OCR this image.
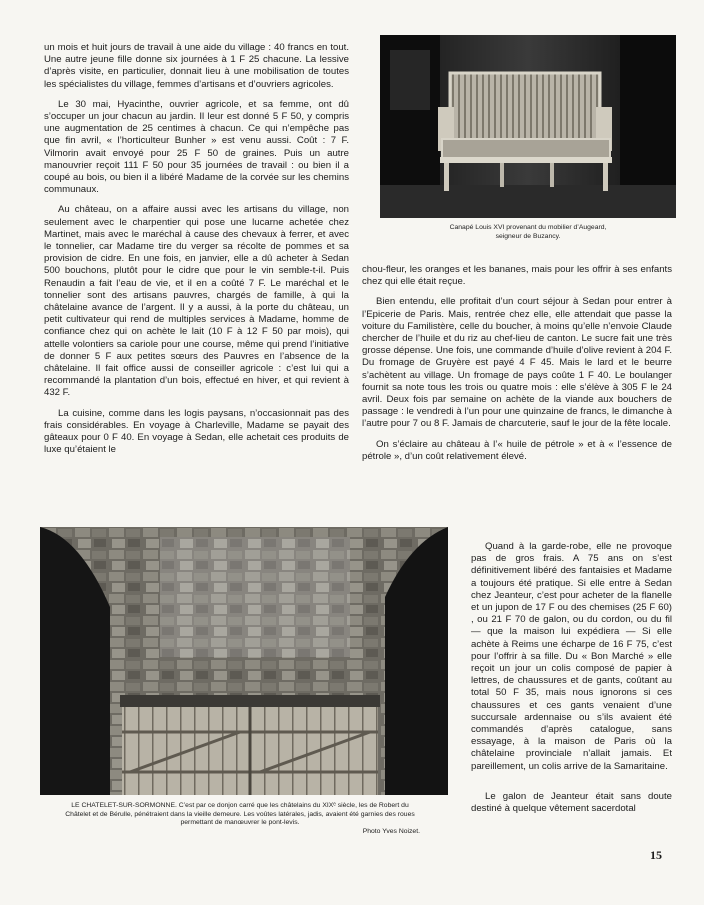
un mois et huit jours de travail à une aide du village : 40 francs en tout. Une autre jeune fille donne six journées à 1 F 25 chacune. La lessive d’après visite, en particulier, donnait lieu à une mobilisation de toutes les spécialistes du village, femmes d’artisans et d’ouvriers agricoles.

Le 30 mai, Hyacinthe, ouvrier agricole, et sa femme, ont dû s’occuper un jour chacun au jardin. Il leur est donné 5 F 50, y compris une augmentation de 25 centimes à chacun. Ce qui n’empêche pas que fin avril, « l’horticulteur Bunher » est venu aussi. Coût : 7 F. Vilmorin avait envoyé pour 25 F 50 de graines. Puis un autre manouvrier reçoit 111 F 50 pour 35 journées de travail : ou bien il a coupé au bois, ou bien il a libéré Madame de la corvée sur les chemins communaux.

Au château, on a affaire aussi avec les artisans du village, non seulement avec le charpentier qui pose une lucarne achetée chez Martinet, mais avec le maréchal à cause des chevaux à ferrer, et avec le tonnelier, car Madame tire du verger sa récolte de pommes et sa provision de cidre. En une fois, en janvier, elle a dû acheter à Sedan 500 bouchons, plutôt pour le cidre que pour le vin semble-t-il. Puis Renaudin a fait l’eau de vie, et il en a coûté 7 F. Le maréchal et le tonnelier sont des artisans pauvres, chargés de famille, à qui la châtelaine avance de l’argent. Il y a aussi, à la porte du château, un petit cultivateur qui rend de multiples services à Madame, homme de confiance chez qui on achète le lait (10 F à 12 F 50 par mois), qui attelle volontiers sa cariole pour une course, même qui prend l’initiative de donner 5 F aux petites sœurs des Pauvres en l’absence de la châtelaine. Il fait office aussi de conseiller agricole : c’est lui qui a recommandé la plantation d’un bois, effectué en hiver, et qui revient à 432 F.

La cuisine, comme dans les logis paysans, n’occasionnait pas des frais considérables. En voyage à Charleville, Madame se payait des gâteaux pour 0 F 40. En voyage à Sedan, elle achetait ces produits de luxe qu’étaient le

Canapé Louis XVI provenant du mobilier d’Augeard,
seigneur de Buzancy.

chou-fleur, les oranges et les bananes, mais pour les offrir à ses enfants chez qui elle était reçue.

Bien entendu, elle profitait d’un court séjour à Sedan pour entrer à l’Epicerie de Paris. Mais, rentrée chez elle, elle attendait que passe la voiture du Familistère, celle du boucher, à moins qu’elle n’envoie Claude chercher de l’huile et du riz au chef-lieu de canton. Le sucre fait une très grosse dépense. Une fois, une commande d’huile d’olive revient à 204 F. Du fromage de Gruyère est payé 4 F 45. Mais le lard et le beurre s’achètent au village. Un fromage de pays coûte 1 F 40. Le boulanger fournit sa note tous les trois ou quatre mois : elle s’élève à 305 F le 24 avril. Deux fois par semaine on achète de la viande aux bouchers de passage : le vendredi à l’un pour une quinzaine de francs, le dimanche à l’autre pour 7 ou 8 F. Jamais de charcuterie, sauf le jour de la fête locale.

On s’éclaire au château à l’« huile de pétrole » et à « l’essence de pétrole », d’un coût relativement élevé.

LE CHATELET-SUR-SORMONNE. C’est par ce donjon carré que les châtelains du XIXᵉ siècle, les de Robert du Châtelet et de Bérulle, pénétraient dans la vieille demeure. Les voûtes latérales, jadis, avaient été garnies des roues permettant de manœuvrer le pont-levis.
Photo Yves Noizet.

Quand à la garde-robe, elle ne provoque pas de gros frais. A 75 ans on s’est définitivement libéré des fantaisies et Madame a toujours été pratique. Si elle entre à Sedan chez Jeanteur, c’est pour acheter de la flanelle et un jupon de 17 F ou des chemises (25 F 60) , ou 21 F 70 de galon, ou du cordon, ou du fil — que la maison lui expédiera — Si elle achète à Reims une écharpe de 16 F 75, c’est pour l’offrir à sa fille. Du « Bon Marché » elle reçoit un jour un colis composé de papier à lettres, de chaussures et de gants, coûtant au total 50 F 35, mais nous ignorons si ces chaussures et ces gants venaient d’une succursale ardennaise ou s’ils avaient été commandés d’après catalogue, sans essayage, à la maison de Paris où la châtelaine provinciale n’allait jamais. Et pareillement, un colis arrive de la Samaritaine.

Le galon de Jeanteur était sans doute destiné à quelque vêtement sacerdotal

15
